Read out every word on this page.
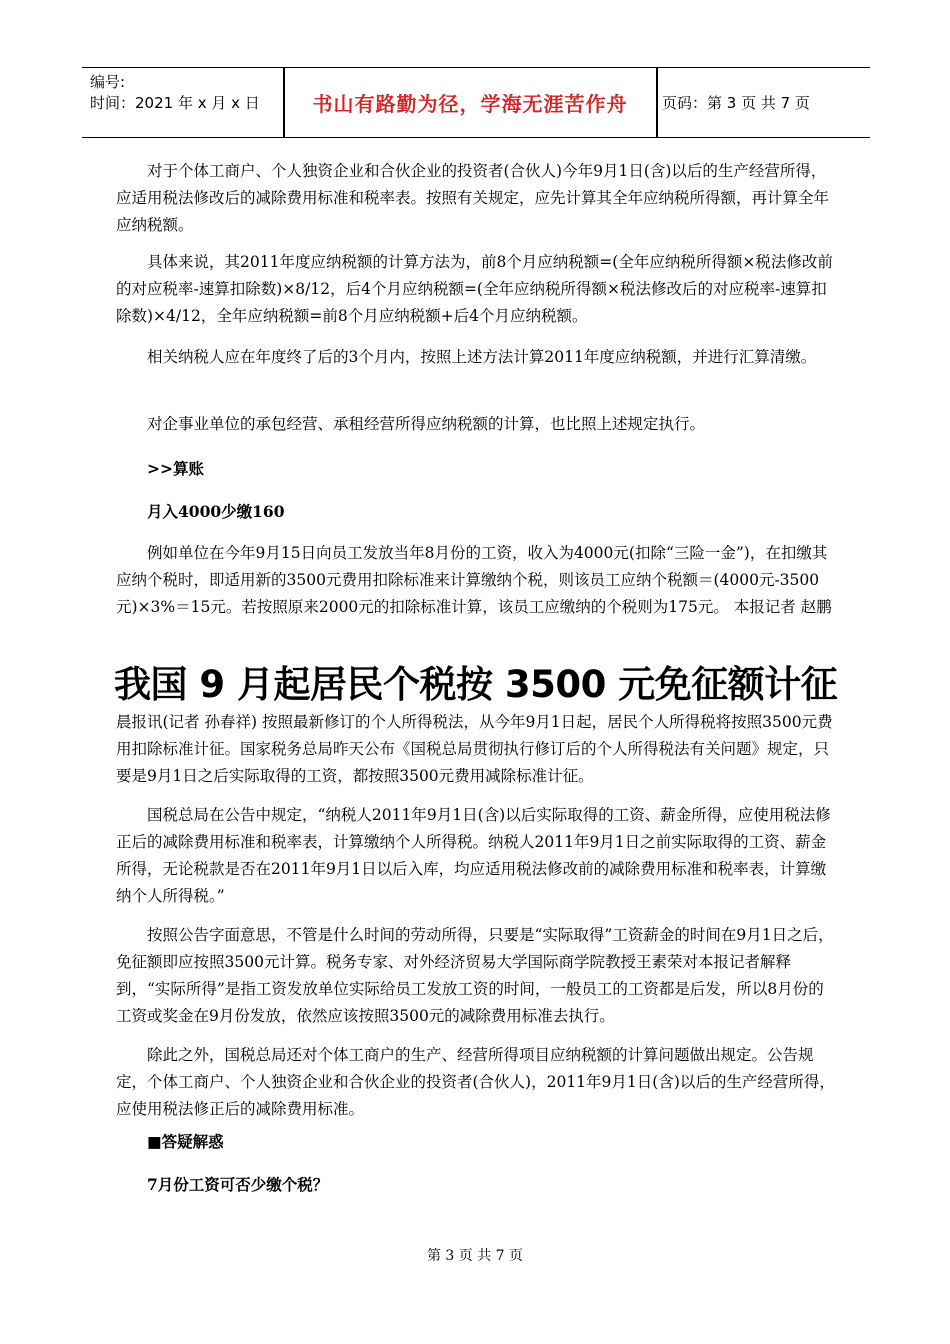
编号:
时间：2021 年 x 月 x 日	书山有路勤为径，学海无涯苦作舟	页码：第 3 页 共 7 页
对于个体工商户、个人独资企业和合伙企业的投资者(合伙人)今年9月1日(含)以后的生产经营所得，应适用税法修改后的减除费用标准和税率表。按照有关规定，应先计算其全年应纳税所得额，再计算全年应纳税额。
具体来说，其2011年度应纳税额的计算方法为，前8个月应纳税额=(全年应纳税所得额×税法修改前的对应税率-速算扣除数)×8/12，后4个月应纳税额=(全年应纳税所得额×税法修改后的对应税率-速算扣除数)×4/12，全年应纳税额=前8个月应纳税额+后4个月应纳税额。
相关纳税人应在年度终了后的3个月内，按照上述方法计算2011年度应纳税额，并进行汇算清缴。
对企事业单位的承包经营、承租经营所得应纳税额的计算，也比照上述规定执行。
>>算账
月入4000少缴160
例如单位在今年9月15日向员工发放当年8月份的工资，收入为4000元(扣除“三险一金”)，在扣缴其应纳个税时，即适用新的3500元费用扣除标准来计算缴纳个税，则该员工应纳个税额＝(4000元-3500元)×3%＝15元。若按照原来2000元的扣除标准计算，该员工应缴纳的个税则为175元。 本报记者 赵鹏
我国 9 月起居民个税按 3500 元免征额计征
晨报讯(记者 孙春祥) 按照最新修订的个人所得税法，从今年9月1日起，居民个人所得税将按照3500元费用扣除标准计征。国家税务总局昨天公布《国税总局贯彻执行修订后的个人所得税法有关问题》规定，只要是9月1日之后实际取得的工资，都按照3500元费用减除标准计征。
国税总局在公告中规定，“纳税人2011年9月1日(含)以后实际取得的工资、薪金所得，应使用税法修正后的减除费用标准和税率表，计算缴纳个人所得税。纳税人2011年9月1日之前实际取得的工资、薪金所得，无论税款是否在2011年9月1日以后入库，均应适用税法修改前的减除费用标准和税率表，计算缴纳个人所得税。”
按照公告字面意思，不管是什么时间的劳动所得，只要是“实际取得”工资薪金的时间在9月1日之后，免征额即应按照3500元计算。税务专家、对外经济贸易大学国际商学院教授王素荣对本报记者解释到，“实际所得”是指工资发放单位实际给员工发放工资的时间，一般员工的工资都是后发，所以8月份的工资或奖金在9月份发放，依然应该按照3500元的减除费用标准去执行。
除此之外，国税总局还对个体工商户的生产、经营所得项目应纳税额的计算问题做出规定。公告规定，个体工商户、个人独资企业和合伙企业的投资者(合伙人)，2011年9月1日(含)以后的生产经营所得，应使用税法修正后的减除费用标准。
■答疑解惑
7月份工资可否少缴个税？
第 3 页 共 7 页
